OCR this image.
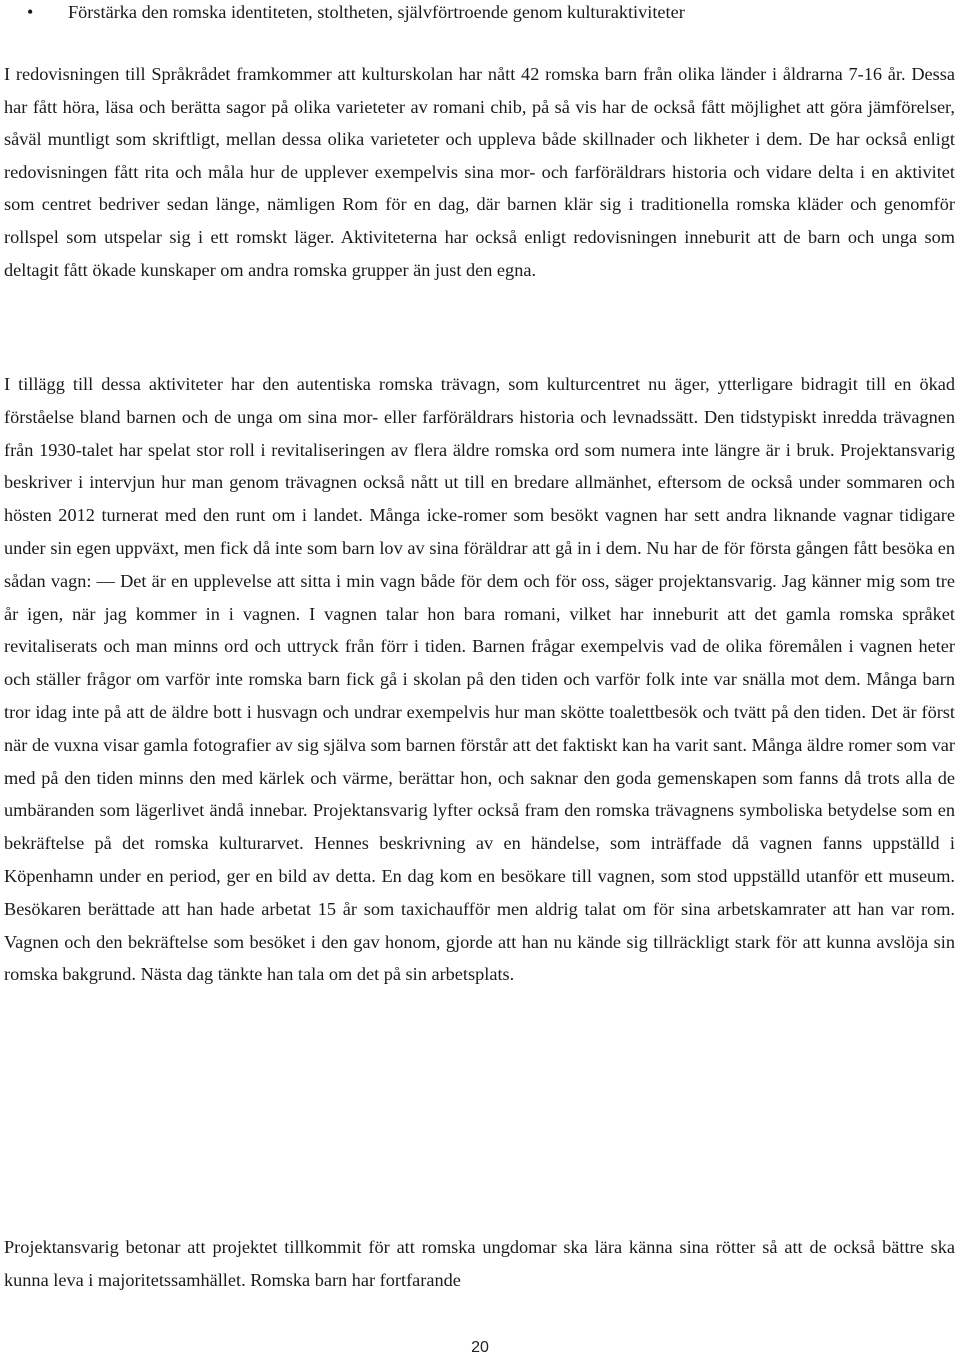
• Förstärka den romska identiteten, stoltheten, självförtroende genom kulturaktiviteter

I redovisningen till Språkrådet framkommer att kulturskolan har nått 42 romska barn från olika länder i åldrarna 7-16 år. Dessa har fått höra, läsa och berätta sagor på olika varieteter av romani chib, på så vis har de också fått möjlighet att göra jämförelser, såväl muntligt som skriftligt, mellan dessa olika varieteter och uppleva både skillnader och likheter i dem. De har också enligt redovisningen fått rita och måla hur de upplever exempelvis sina mor- och farföräldrars historia och vidare delta i en aktivitet som centret bedriver sedan länge, nämligen Rom för en dag, där barnen klär sig i traditionella romska kläder och genomför rollspel som utspelar sig i ett romskt läger. Aktiviteterna har också enligt redovisningen inneburit att de barn och unga som deltagit fått ökade kunskaper om andra romska grupper än just den egna.

I tillägg till dessa aktiviteter har den autentiska romska trävagn, som kulturcentret nu äger, ytterligare bidragit till en ökad förståelse bland barnen och de unga om sina mor- eller farföräldrars historia och levnadssätt. Den tidstypiskt inredda trävagnen från 1930-talet har spelat stor roll i revitaliseringen av flera äldre romska ord som numera inte längre är i bruk. Projektansvarig beskriver i intervjun hur man genom trävagnen också nått ut till en bredare allmänhet, eftersom de också under sommaren och hösten 2012 turnerat med den runt om i landet. Många icke-romer som besökt vagnen har sett andra liknande vagnar tidigare under sin egen uppväxt, men fick då inte som barn lov av sina föräldrar att gå in i dem. Nu har de för första gången fått besöka en sådan vagn: ― Det är en upplevelse att sitta i min vagn både för dem och för oss, säger projektansvarig. Jag känner mig som tre år igen, när jag kommer in i vagnen. I vagnen talar hon bara romani, vilket har inneburit att det gamla romska språket revitaliserats och man minns ord och uttryck från förr i tiden. Barnen frågar exempelvis vad de olika föremålen i vagnen heter och ställer frågor om varför inte romska barn fick gå i skolan på den tiden och varför folk inte var snälla mot dem. Många barn tror idag inte på att de äldre bott i husvagn och undrar exempelvis hur man skötte toalettbesök och tvätt på den tiden. Det är först när de vuxna visar gamla fotografier av sig själva som barnen förstår att det faktiskt kan ha varit sant. Många äldre romer som var med på den tiden minns den med kärlek och värme, berättar hon, och saknar den goda gemenskapen som fanns då trots alla de umbäranden som lägerlivet ändå innebar. Projektansvarig lyfter också fram den romska trävagnens symboliska betydelse som en bekräftelse på det romska kulturarvet. Hennes beskrivning av en händelse, som inträffade då vagnen fanns uppställd i Köpenhamn under en period, ger en bild av detta. En dag kom en besökare till vagnen, som stod uppställd utanför ett museum. Besökaren berättade att han hade arbetat 15 år som taxichaufför men aldrig talat om för sina arbetskamrater att han var rom. Vagnen och den bekräftelse som besöket i den gav honom, gjorde att han nu kände sig tillräckligt stark för att kunna avslöja sin romska bakgrund. Nästa dag tänkte han tala om det på sin arbetsplats.

Projektansvarig betonar att projektet tillkommit för att romska ungdomar ska lära känna sina rötter så att de också bättre ska kunna leva i majoritetssamhället. Romska barn har fortfarande

20
